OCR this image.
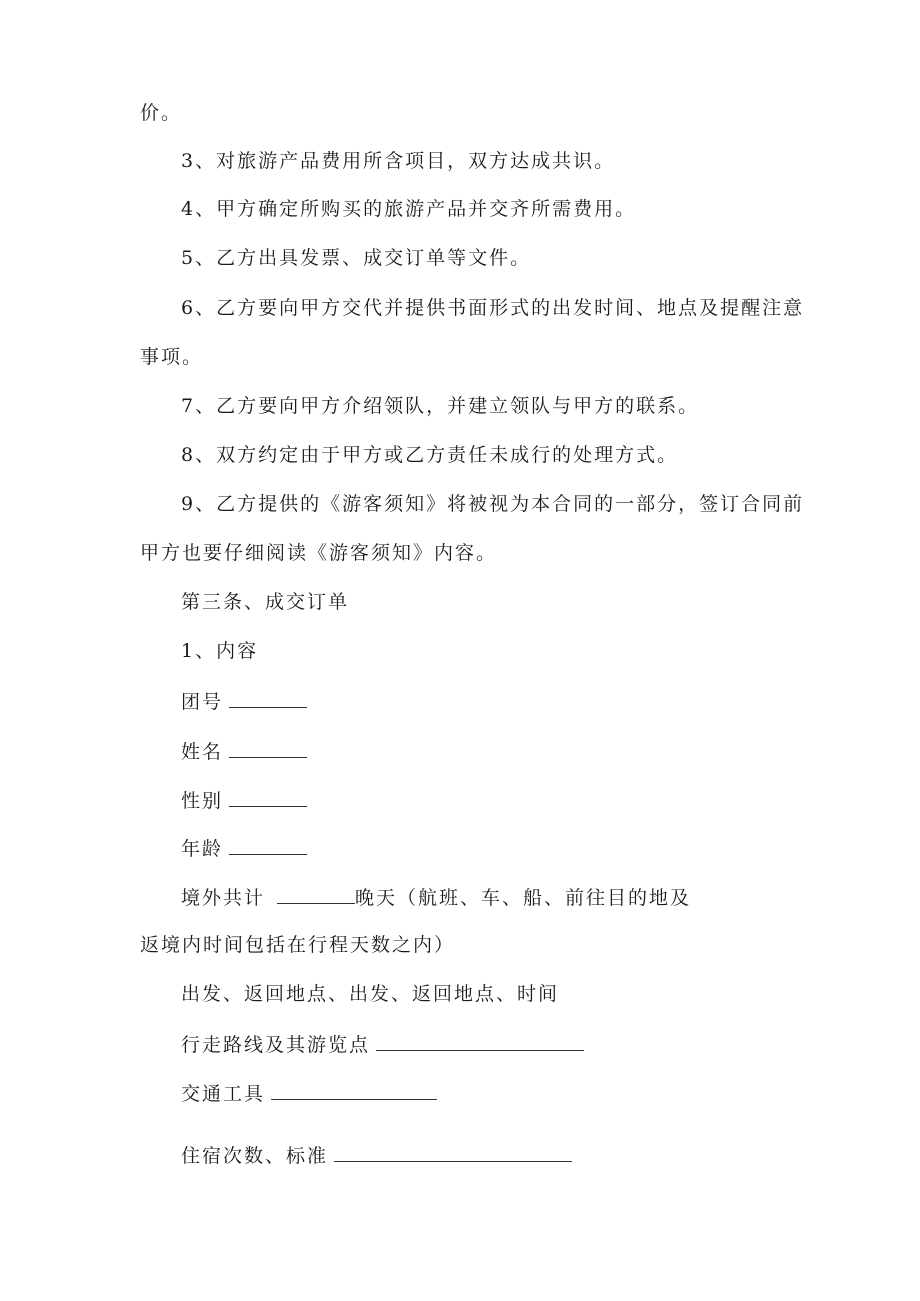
价。
3、对旅游产品费用所含项目，双方达成共识。
4、甲方确定所购买的旅游产品并交齐所需费用。
5、乙方出具发票、成交订单等文件。
6、乙方要向甲方交代并提供书面形式的出发时间、地点及提醒注意
事项。
7、乙方要向甲方介绍领队，并建立领队与甲方的联系。
8、双方约定由于甲方或乙方责任未成行的处理方式。
9、乙方提供的《游客须知》将被视为本合同的一部分，签订合同前
甲方也要仔细阅读《游客须知》内容。
第三条、成交订单
1、内容
团号
姓名
性别
年龄
境外共计	晚天（航班、车、船、前往目的地及
返境内时间包括在行程天数之内）
出发、返回地点、出发、返回地点、时间
行走路线及其游览点
交通工具
住宿次数、标准
